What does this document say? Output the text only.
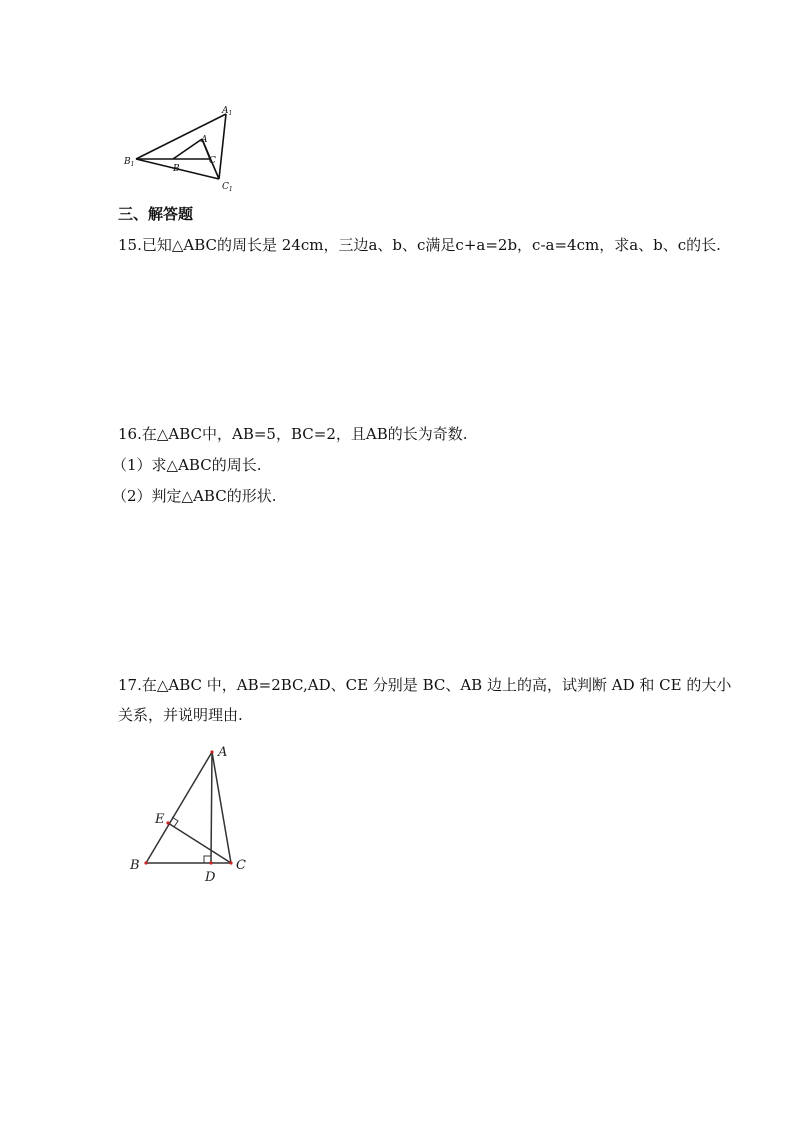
$A_1$
A
$B_1$	B
C
$C_1$
三、解答题
15.已知△ABC的周长是 24cm，三边a、b、c满足c+a=2b，c-a=4cm，求a、b、c的长.
16.在△ABC中，AB=5，BC=2，且AB的长为奇数.
（1）求△ABC的周长.
（2）判定△ABC的形状.
17.在△ABC 中，AB=2BC,AD、CE 分别是 BC、AB 边上的高，试判断 AD 和 CE 的大小
关系，并说明理由.
A
B	C
D
E
